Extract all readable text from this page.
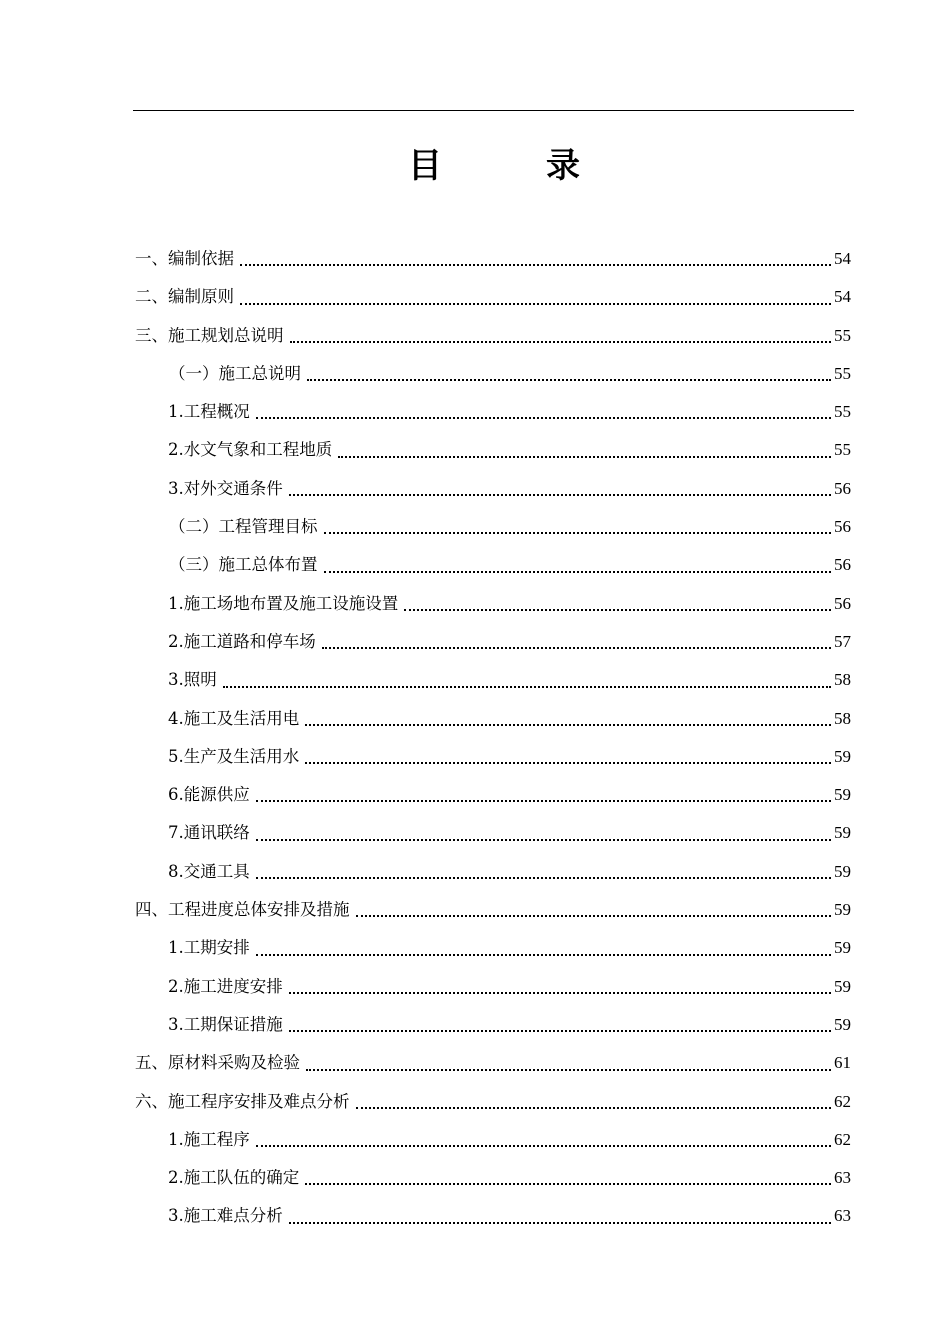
目	录
一、编制依据	54
二、编制原则	54
三、施工规划总说明	55
（一）施工总说明	55
1.工程概况	55
2.水文气象和工程地质	55
3.对外交通条件	56
（二）工程管理目标	56
（三）施工总体布置	56
1.施工场地布置及施工设施设置	56
2.施工道路和停车场	57
3.照明	58
4.施工及生活用电	58
5.生产及生活用水	59
6.能源供应	59
7.通讯联络	59
8.交通工具	59
四、工程进度总体安排及措施	59
1.工期安排	59
2.施工进度安排	59
3.工期保证措施	59
五、原材料采购及检验	61
六、施工程序安排及难点分析	62
1.施工程序	62
2.施工队伍的确定	63
3.施工难点分析	63
